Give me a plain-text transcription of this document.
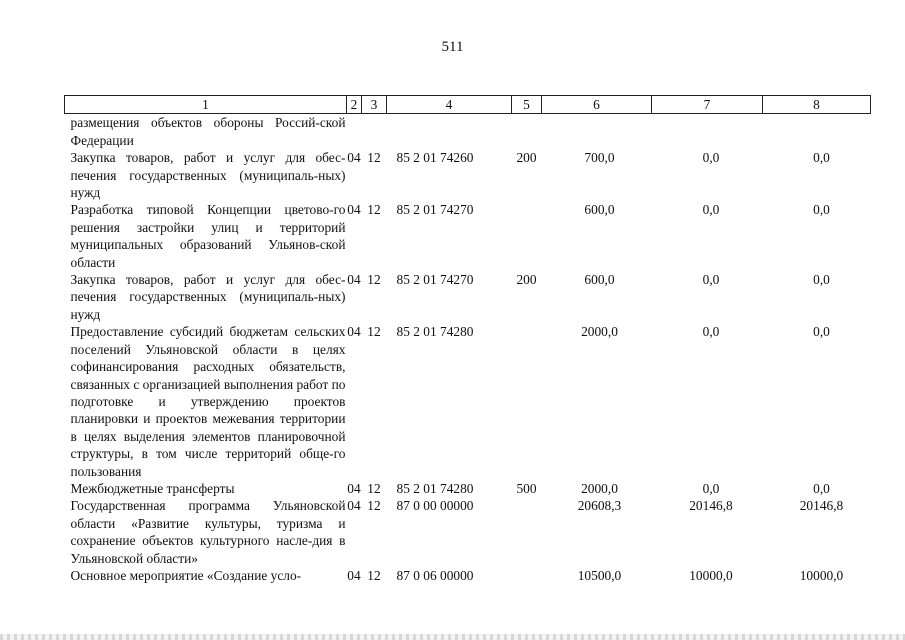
511
1	2	3	4	5	6	7	8
размещения объектов обороны Россий-ской Федерации							
Закупка товаров, работ и услуг для обес-печения государственных (муниципаль-ных) нужд	04	12	85 2 01 74260	200	700,0	0,0	0,0
Разработка типовой Концепции цветово-го решения застройки улиц и территорий муниципальных образований Ульянов-ской области	04	12	85 2 01 74270		600,0	0,0	0,0
Закупка товаров, работ и услуг для обес-печения государственных (муниципаль-ных) нужд	04	12	85 2 01 74270	200	600,0	0,0	0,0
Предоставление субсидий бюджетам сельских поселений Ульяновской области в целях софинансирования расходных обязательств, связанных с организацией выполнения работ по подготовке и утверждению проектов планировки и проектов межевания территории в целях выделения элементов планировочной структуры, в том числе территорий обще-го пользования	04	12	85 2 01 74280		2000,0	0,0	0,0
Межбюджетные трансферты	04	12	85 2 01 74280	500	2000,0	0,0	0,0
Государственная программа Ульяновской области «Развитие культуры, туризма и сохранение объектов культурного насле-дия в Ульяновской области»	04	12	87 0 00 00000		20608,3	20146,8	20146,8
Основное мероприятие «Создание усло-	04	12	87 0 06 00000		10500,0	10000,0	10000,0
